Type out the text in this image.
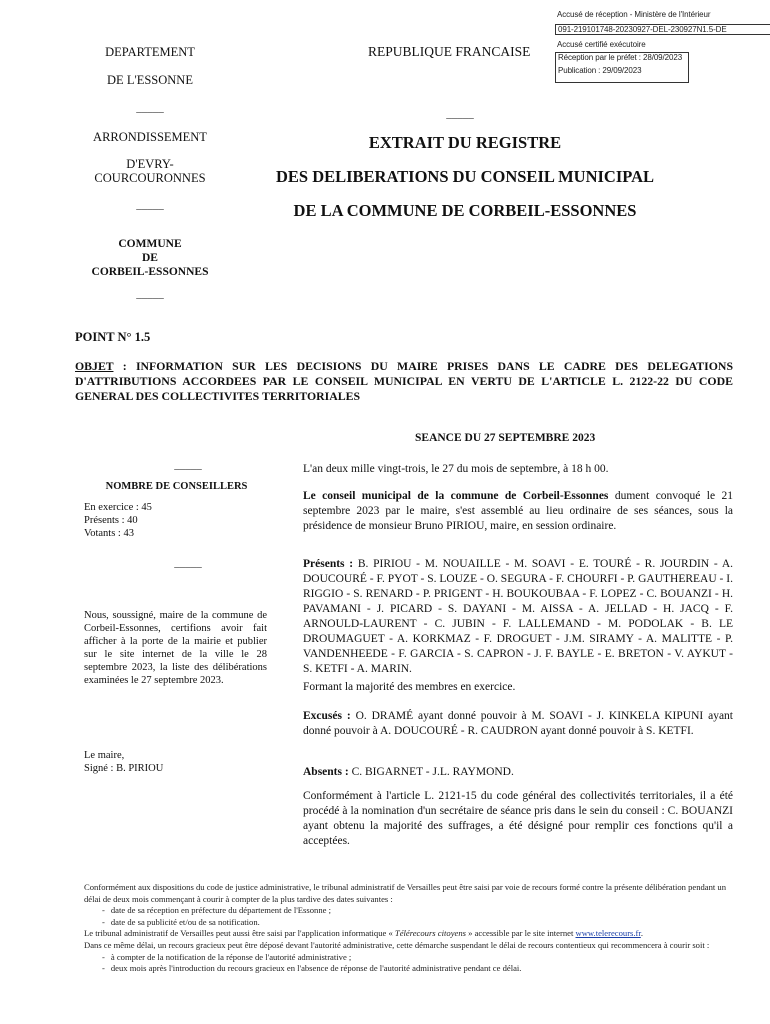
Accusé de réception - Ministère de l'Intérieur
091-219101748-20230927-DEL-230927N1.5-DE
Accusé certifié exécutoire
Réception par le préfet : 28/09/2023
Publication : 29/09/2023
DEPARTEMENT
DE L'ESSONNE
_____
ARRONDISSEMENT
D'EVRY-
COURCOURONNES
_____
COMMUNE
DE
CORBEIL-ESSONNES
_____
REPUBLIQUE FRANCAISE
_____
EXTRAIT DU REGISTRE
DES DELIBERATIONS DU CONSEIL MUNICIPAL
DE LA COMMUNE DE CORBEIL-ESSONNES
POINT N° 1.5
OBJET : INFORMATION SUR LES DECISIONS DU MAIRE PRISES DANS LE CADRE DES DELEGATIONS D'ATTRIBUTIONS ACCORDEES PAR LE CONSEIL MUNICIPAL EN VERTU DE L'ARTICLE L. 2122-22 DU CODE GENERAL DES COLLECTIVITES TERRITORIALES
SEANCE DU 27 SEPTEMBRE 2023
_____
NOMBRE DE CONSEILLERS
En exercice : 45
Présents : 40
Votants : 43
_____
Nous, soussigné, maire de la commune de Corbeil-Essonnes, certifions avoir fait afficher à la porte de la mairie et publier sur le site internet de la ville le 28 septembre 2023, la liste des délibérations examinées le 27 septembre 2023.
Le maire,
Signé : B. PIRIOU
L'an deux mille vingt-trois, le 27 du mois de septembre, à 18 h 00.
Le conseil municipal de la commune de Corbeil-Essonnes dument convoqué le 21 septembre 2023 par le maire, s'est assemblé au lieu ordinaire de ses séances, sous la présidence de monsieur Bruno PIRIOU, maire, en session ordinaire.
Présents : B. PIRIOU - M. NOUAILLE - M. SOAVI - E. TOURÉ - R. JOURDIN - A. DOUCOURÉ - F. PYOT - S. LOUZE - O. SEGURA - F. CHOURFI - P. GAUTHEREAU - I. RIGGIO - S. RENARD - P. PRIGENT - H. BOUKOUBAA - F. LOPEZ - C. BOUANZI - H. PAVAMANI - J. PICARD - S. DAYANI - M. AISSA - A. JELLAD - H. JACQ - F. ARNOULD-LAURENT - C. JUBIN - F. LALLEMAND - M. PODOLAK - B. LE DROUMAGUET - A. KORKMAZ - F. DROGUET - J.M. SIRAMY - A. MALITTE - P. VANDENHEEDE - F. GARCIA - S. CAPRON - J. F. BAYLE - E. BRETON - V. AYKUT - S. KETFI - A. MARIN.
Formant la majorité des membres en exercice.
Excusés : O. DRAMÉ ayant donné pouvoir à M. SOAVI - J. KINKELA KIPUNI ayant donné pouvoir à A. DOUCOURÉ - R. CAUDRON ayant donné pouvoir à S. KETFI.
Absents : C. BIGARNET - J.L. RAYMOND.
Conformément à l'article L. 2121-15 du code général des collectivités territoriales, il a été procédé à la nomination d'un secrétaire de séance pris dans le sein du conseil : C. BOUANZI ayant obtenu la majorité des suffrages, a été désigné pour remplir ces fonctions qu'il a acceptées.
Conformément aux dispositions du code de justice administrative, le tribunal administratif de Versailles peut être saisi par voie de recours formé contre la présente délibération pendant un délai de deux mois commençant à courir à compter de la plus tardive des dates suivantes :
- date de sa réception en préfecture du département de l'Essonne ;
- date de sa publicité et/ou de sa notification.
Le tribunal administratif de Versailles peut aussi être saisi par l'application informatique « Télérecours citoyens » accessible par le site internet www.telerecours.fr.
Dans ce même délai, un recours gracieux peut être déposé devant l'autorité administrative, cette démarche suspendant le délai de recours contentieux qui recommencera à courir soit :
- à compter de la notification de la réponse de l'autorité administrative ;
- deux mois après l'introduction du recours gracieux en l'absence de réponse de l'autorité administrative pendant ce délai.
